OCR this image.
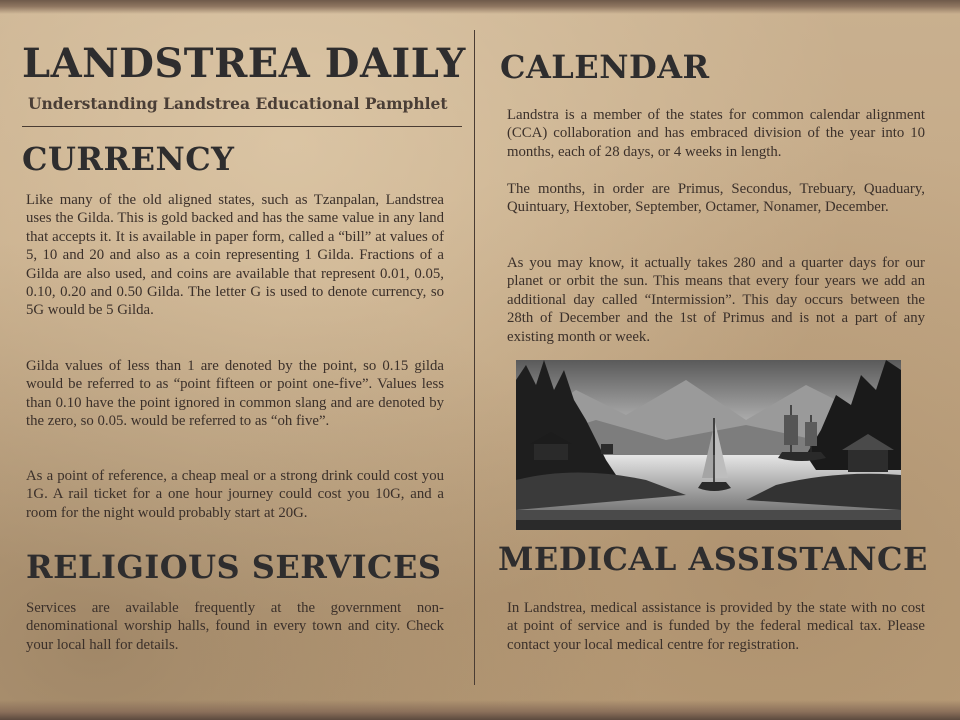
LANDSTREA DAILY
Understanding Landstrea Educational Pamphlet
CURRENCY

Like many of the old aligned states, such as Tzanpalan, Landstrea uses the Gilda. This is gold backed and has the same value in any land that accepts it. It is available in paper form, called a “bill” at values of 5, 10 and 20 and also as a coin representing 1 Gilda. Fractions of a Gilda are also used, and coins are available that represent 0.01, 0.05, 0.10, 0.20 and 0.50 Gilda. The letter G is used to denote currency, so 5G would be 5 Gilda.

Gilda values of less than 1 are denoted by the point, so 0.15 gilda would be referred to as “point fifteen or point one-five”. Values less than 0.10 have the point ignored in common slang and are denoted by the zero, so 0.05. would be referred to as “oh five”.

As a point of reference, a cheap meal or a strong drink could cost you 1G. A rail ticket for a one hour journey could cost you 10G, and a room for the night would probably start at 20G.

RELIGIOUS SERVICES

Services are available frequently at the government non-denominational worship halls, found in every town and city. Check your local hall for details.

CALENDAR

Landstra is a member of the states for common calendar alignment (CCA) collaboration and has embraced division of the year into 10 months, each of 28 days, or 4 weeks in length.

The months, in order are Primus, Secondus, Trebuary, Quaduary, Quintuary, Hextober, September, Octamer, Nonamer, December.

As you may know, it actually takes 280 and a quarter days for our planet or orbit the sun. This means that every four years we add an additional day called “Intermission”. This day occurs between the 28th of December and the 1st of Primus and is not a part of any existing month or week.

MEDICAL ASSISTANCE

In Landstrea, medical assistance is provided by the state with no cost at point of service and is funded by the federal medical tax. Please contact your local medical centre for registration.
